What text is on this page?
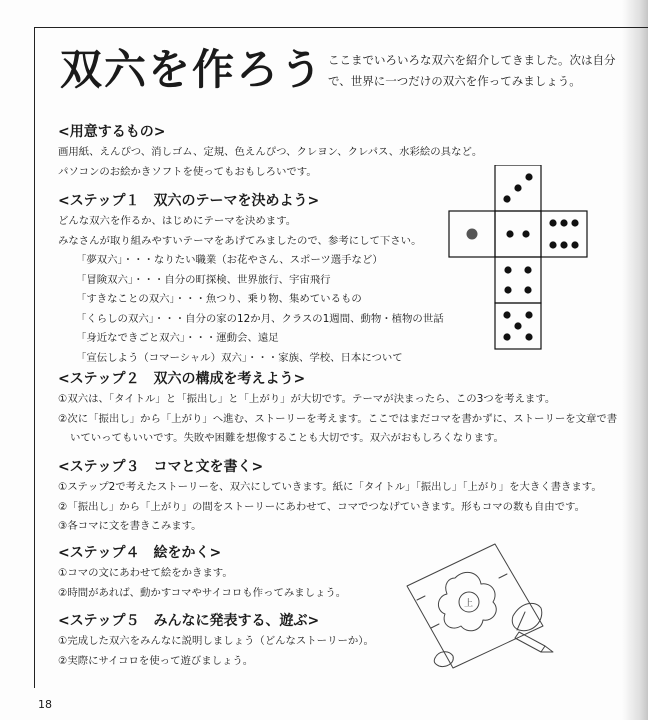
双六を作ろう ここまでいろいろな双六を紹介してきました。次は自分で、世界に一つだけの双六を作ってみましょう。
<用意するもの>
画用紙、えんぴつ、消しゴム、定規、色えんぴつ、クレヨン、クレパス、水彩絵の具など。
パソコンのお絵かきソフトを使ってもおもしろいです。
<ステップ１　双六のテーマを決めよう>
どんな双六を作るか、はじめにテーマを決めます。
みなさんが取り組みやすいテーマをあげてみましたので、参考にして下さい。
「夢双六」・・・なりたい職業（お花やさん、スポーツ選手など）
「冒険双六」・・・自分の町探検、世界旅行、宇宙飛行
「すきなことの双六」・・・魚つり、乗り物、集めているもの
「くらしの双六」・・・自分の家の12か月、クラスの1週間、動物・植物の世話
「身近なできごと双六」・・・運動会、遠足
「宣伝しよう（コマーシャル）双六」・・・家族、学校、日本について
<ステップ２　双六の構成を考えよう>
①双六は、「タイトル」と「振出し」と「上がり」が大切です。テーマが決まったら、この3つを考えます。
②次に「振出し」から「上がり」へ進む、ストーリーを考えます。ここではまだコマを書かずに、ストーリーを文章で書いていってもいいです。失敗や困難を想像することも大切です。双六がおもしろくなります。
<ステップ３　コマと文を書く>
①ステップ2で考えたストーリーを、双六にしていきます。紙に「タイトル」「振出し」「上がり」を大きく書きます。
②「振出し」から「上がり」の間をストーリーにあわせて、コマでつなげていきます。形もコマの数も自由です。
③各コマに文を書きこみます。
<ステップ４　絵をかく>
①コマの文にあわせて絵をかきます。
②時間があれば、動かすコマやサイコロも作ってみましょう。
<ステップ５　みんなに発表する、遊ぶ>
①完成した双六をみんなに説明しましょう（どんなストーリーか）。
②実際にサイコロを使って遊びましょう。
上
18
